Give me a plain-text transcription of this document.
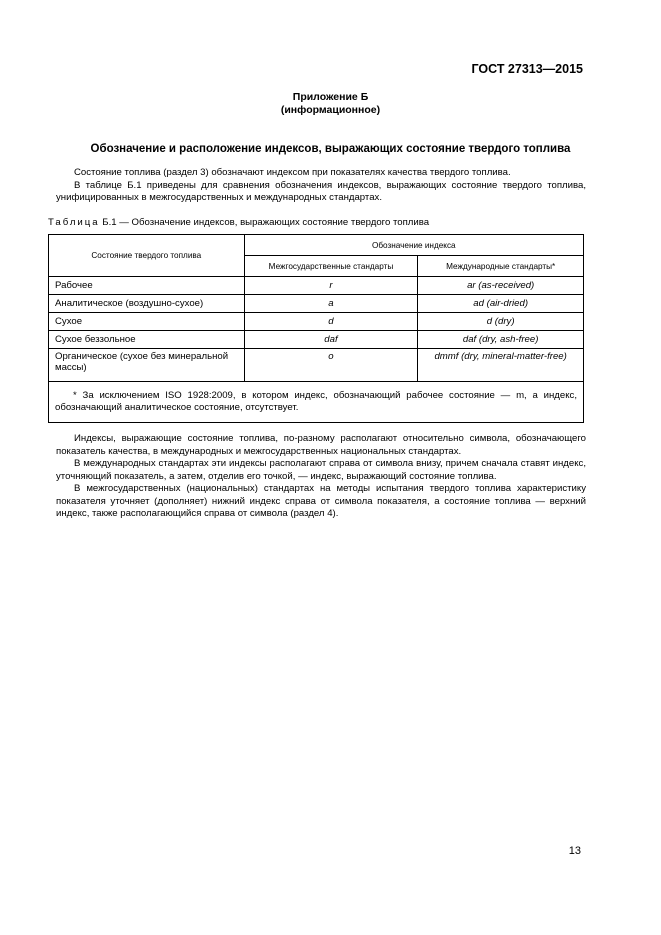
ГОСТ 27313—2015
Приложение Б
(информационное)
Обозначение и расположение индексов, выражающих состояние твердого топлива

Состояние топлива (раздел 3) обозначают индексом при показателях качества твердого топлива.

В таблице Б.1 приведены для сравнения обозначения индексов, выражающих состояние твердого топлива, унифицированных в межгосударственных и международных стандартах.

Таблица Б.1 — Обозначение индексов, выражающих состояние твердого топлива
Состояние твердого топлива	Обозначение индекса	
	Межгосударственные стандарты	Международные стандарты*
Рабочее	r	ar (as-received)
Аналитическое (воздушно-сухое)	a	ad (air-dried)
Сухое	d	d (dry)
Сухое беззольное	daf	daf (dry, ash-free)
Органическое (сухое без минеральной массы)	o	dmmf (dry, mineral-matter-free)
* За исключением ISO 1928:2009, в котором индекс, обозначающий рабочее состояние — m, а индекс, обозначающий аналитическое состояние, отсутствует.		

Индексы, выражающие состояние топлива, по-разному располагают относительно символа, обозначающего показатель качества, в международных и межгосударственных национальных стандартах.

В международных стандартах эти индексы располагают справа от символа внизу, причем сначала ставят индекс, уточняющий показатель, а затем, отделив его точкой, — индекс, выражающий состояние топлива.

В межгосударственных (национальных) стандартах на методы испытания твердого топлива характеристику показателя уточняет (дополняет) нижний индекс справа от символа показателя, а состояние топлива — верхний индекс, также располагающийся справа от символа (раздел 4).

13
